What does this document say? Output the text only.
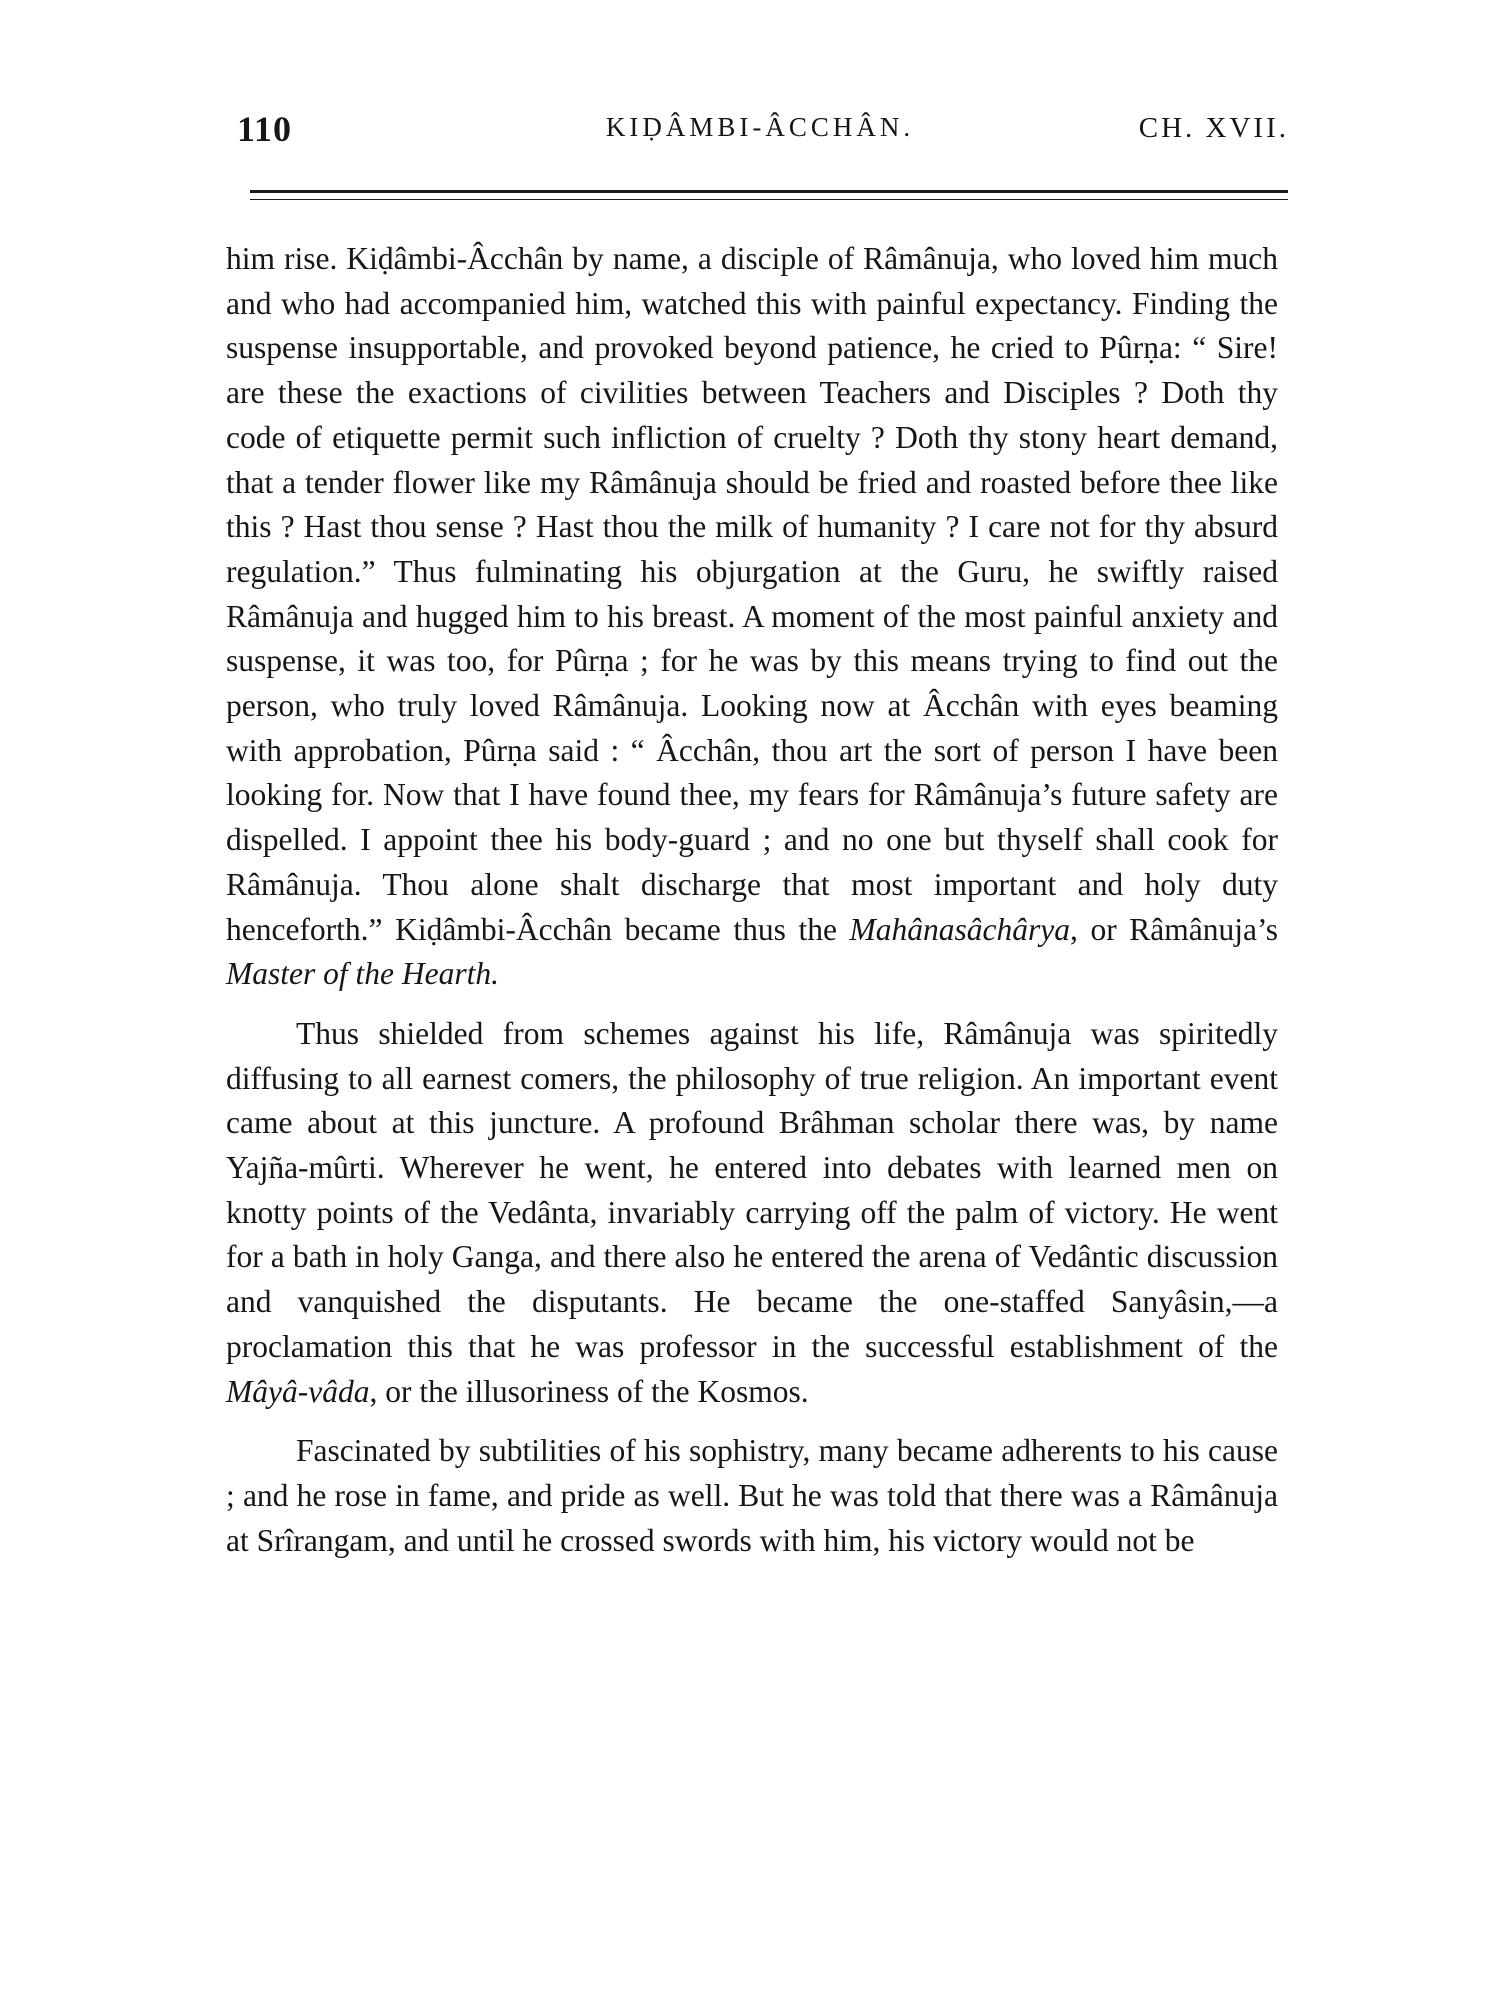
110	KIḌÂMBI-ÂCCHÂN.	CH. XVII.

him rise. Kiḍâmbi-Âcchân by name, a disciple of Râmânuja, who loved him much and who had accompanied him, watched this with painful expectancy. Finding the suspense insupportable, and provoked beyond patience, he cried to Pûrṇa: “ Sire! are these the exactions of civilities between Teachers and Disciples ? Doth thy code of etiquette permit such infliction of cruelty ? Doth thy stony heart demand, that a tender flower like my Râmânuja should be fried and roasted before thee like this ? Hast thou sense ? Hast thou the milk of humanity ? I care not for thy absurd regulation.” Thus fulminating his objurgation at the Guru, he swiftly raised Râmânuja and hugged him to his breast. A moment of the most painful anxiety and suspense, it was too, for Pûrṇa ; for he was by this means trying to find out the person, who truly loved Râmânuja. Looking now at Âcchân with eyes beaming with approbation, Pûrṇa said : “ Âcchân, thou art the sort of person I have been looking for. Now that I have found thee, my fears for Râmânuja’s future safety are dispelled. I appoint thee his body-guard ; and no one but thyself shall cook for Râmânuja. Thou alone shalt discharge that most important and holy duty henceforth.” Kiḍâmbi-Âcchân became thus the Mahânasâchârya, or Râmânuja’s Master of the Hearth.

Thus shielded from schemes against his life, Râmânuja was spiritedly diffusing to all earnest comers, the philosophy of true religion. An important event came about at this juncture. A profound Brâhman scholar there was, by name Yajña-mûrti. Wherever he went, he entered into debates with learned men on knotty points of the Vedânta, invariably carrying off the palm of victory. He went for a bath in holy Ganga, and there also he entered the arena of Vedântic discussion and vanquished the disputants. He became the one-staffed Sanyâsin,—a proclamation this that he was professor in the successful establishment of the Mâyâ-vâda, or the illusoriness of the Kosmos.

Fascinated by subtilities of his sophistry, many became adherents to his cause ; and he rose in fame, and pride as well. But he was told that there was a Râmânuja at Srîrangam, and until he crossed swords with him, his victory would not be
